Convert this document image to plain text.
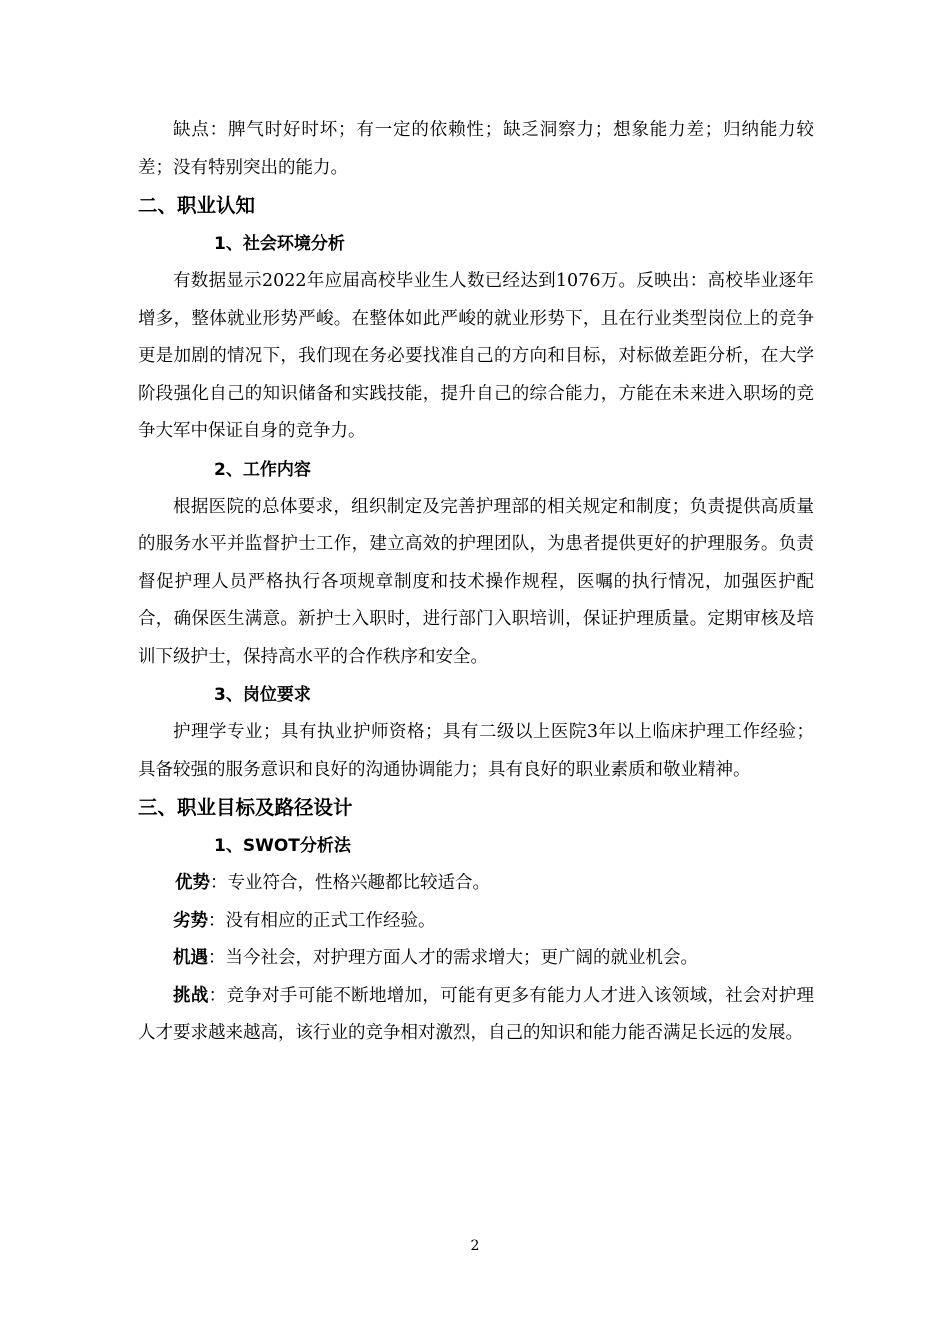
缺点：脾气时好时坏；有一定的依赖性；缺乏洞察力；想象能力差；归纳能力较差；没有特别突出的能力。

二、职业认知
1、社会环境分析

有数据显示2022年应届高校毕业生人数已经达到1076万。反映出：高校毕业逐年增多，整体就业形势严峻。在整体如此严峻的就业形势下，且在行业类型岗位上的竞争更是加剧的情况下，我们现在务必要找准自己的方向和目标，对标做差距分析，在大学阶段强化自己的知识储备和实践技能，提升自己的综合能力，方能在未来进入职场的竞争大军中保证自身的竞争力。

2、工作内容

根据医院的总体要求，组织制定及完善护理部的相关规定和制度；负责提供高质量的服务水平并监督护士工作，建立高效的护理团队，为患者提供更好的护理服务。负责督促护理人员严格执行各项规章制度和技术操作规程，医嘱的执行情况，加强医护配合，确保医生满意。新护士入职时，进行部门入职培训，保证护理质量。定期审核及培训下级护士，保持高水平的合作秩序和安全。

3、岗位要求

护理学专业；具有执业护师资格；具有二级以上医院3年以上临床护理工作经验；具备较强的服务意识和良好的沟通协调能力；具有良好的职业素质和敬业精神。

三、职业目标及路径设计
1、SWOT分析法

优势：专业符合，性格兴趣都比较适合。

劣势：没有相应的正式工作经验。

机遇：当今社会，对护理方面人才的需求增大；更广阔的就业机会。

挑战：竞争对手可能不断地增加，可能有更多有能力人才进入该领域，社会对护理人才要求越来越高，该行业的竞争相对激烈，自己的知识和能力能否满足长远的发展。

2
